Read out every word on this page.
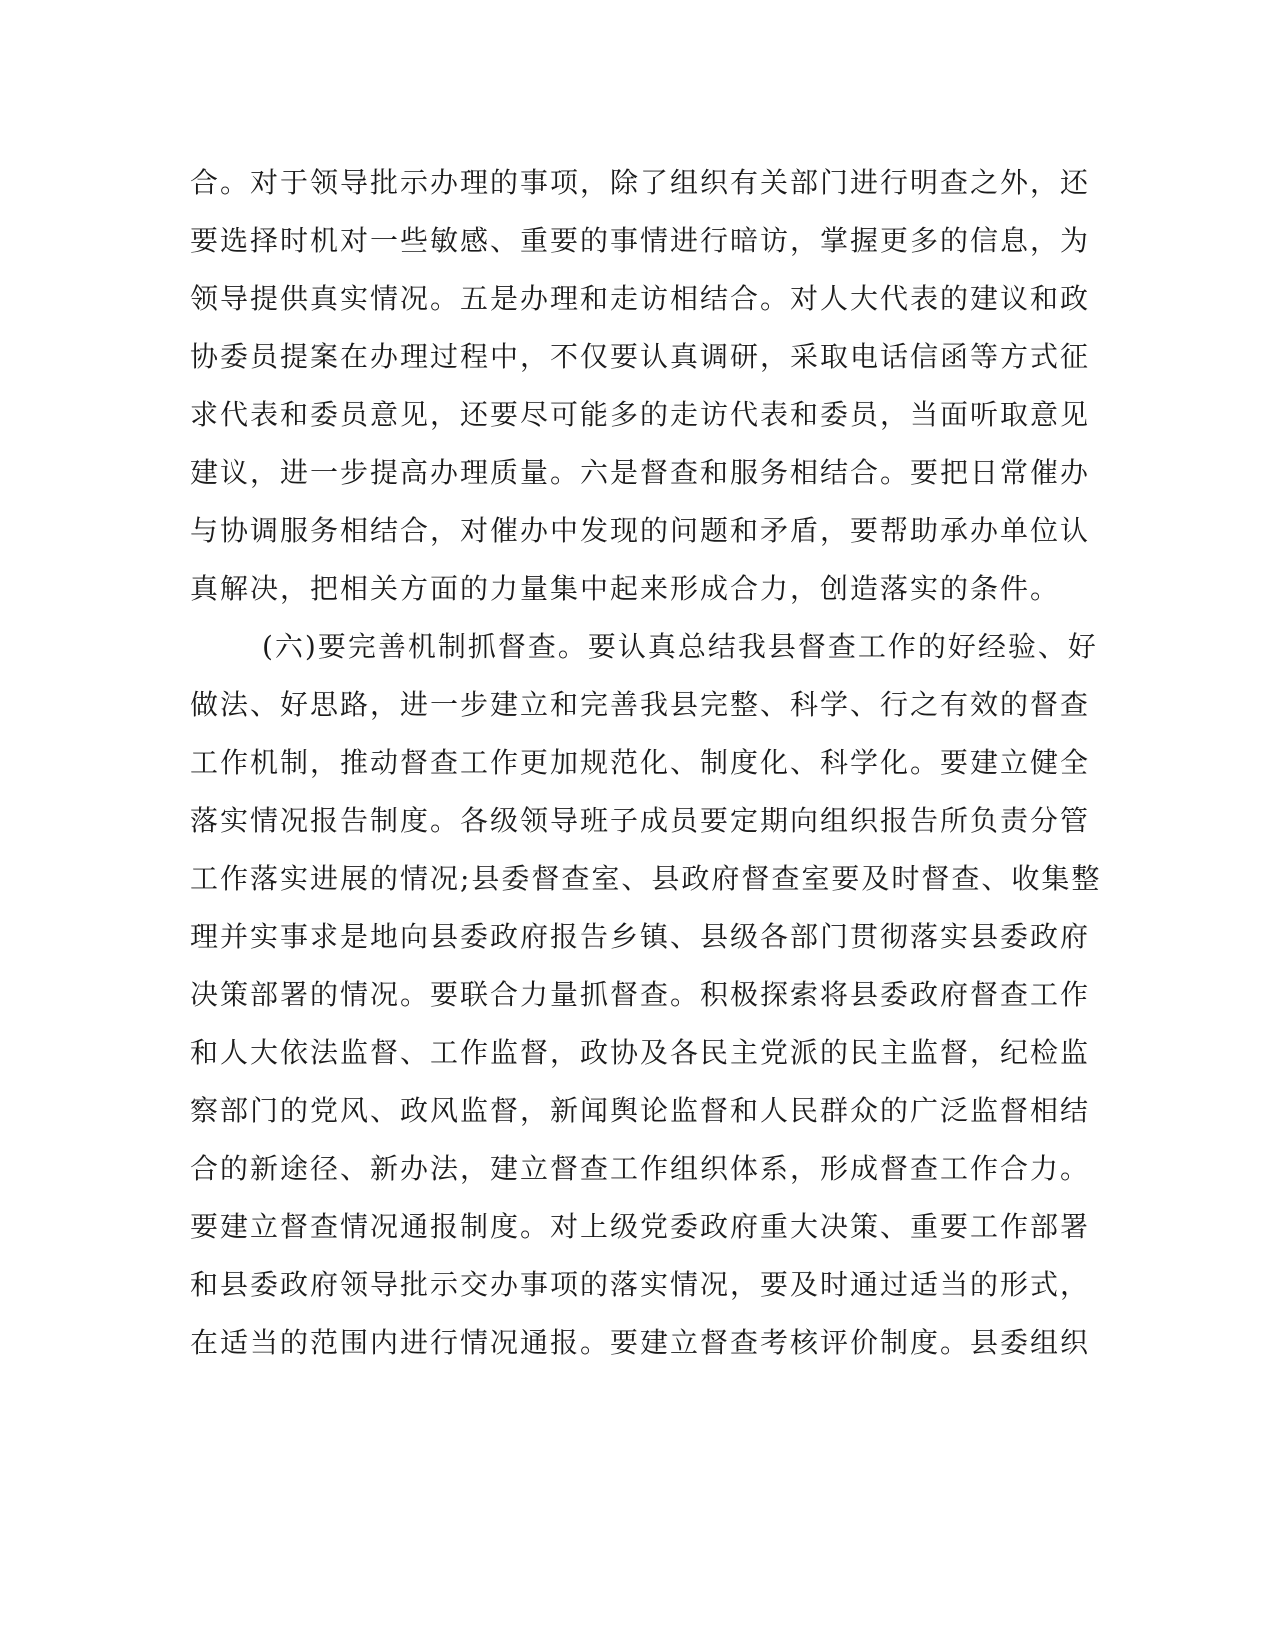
合。对于领导批示办理的事项，除了组织有关部门进行明查之外，还
要选择时机对一些敏感、重要的事情进行暗访，掌握更多的信息，为
领导提供真实情况。五是办理和走访相结合。对人大代表的建议和政
协委员提案在办理过程中，不仅要认真调研，采取电话信函等方式征
求代表和委员意见，还要尽可能多的走访代表和委员，当面听取意见
建议，进一步提高办理质量。六是督查和服务相结合。要把日常催办
与协调服务相结合，对催办中发现的问题和矛盾，要帮助承办单位认
真解决，把相关方面的力量集中起来形成合力，创造落实的条件。
(六)要完善机制抓督查。要认真总结我县督查工作的好经验、好
做法、好思路，进一步建立和完善我县完整、科学、行之有效的督查
工作机制，推动督查工作更加规范化、制度化、科学化。要建立健全
落实情况报告制度。各级领导班子成员要定期向组织报告所负责分管
工作落实进展的情况;县委督查室、县政府督查室要及时督查、收集整
理并实事求是地向县委政府报告乡镇、县级各部门贯彻落实县委政府
决策部署的情况。要联合力量抓督查。积极探索将县委政府督查工作
和人大依法监督、工作监督，政协及各民主党派的民主监督，纪检监
察部门的党风、政风监督，新闻舆论监督和人民群众的广泛监督相结
合的新途径、新办法，建立督查工作组织体系，形成督查工作合力。
要建立督查情况通报制度。对上级党委政府重大决策、重要工作部署
和县委政府领导批示交办事项的落实情况，要及时通过适当的形式，
在适当的范围内进行情况通报。要建立督查考核评价制度。县委组织
